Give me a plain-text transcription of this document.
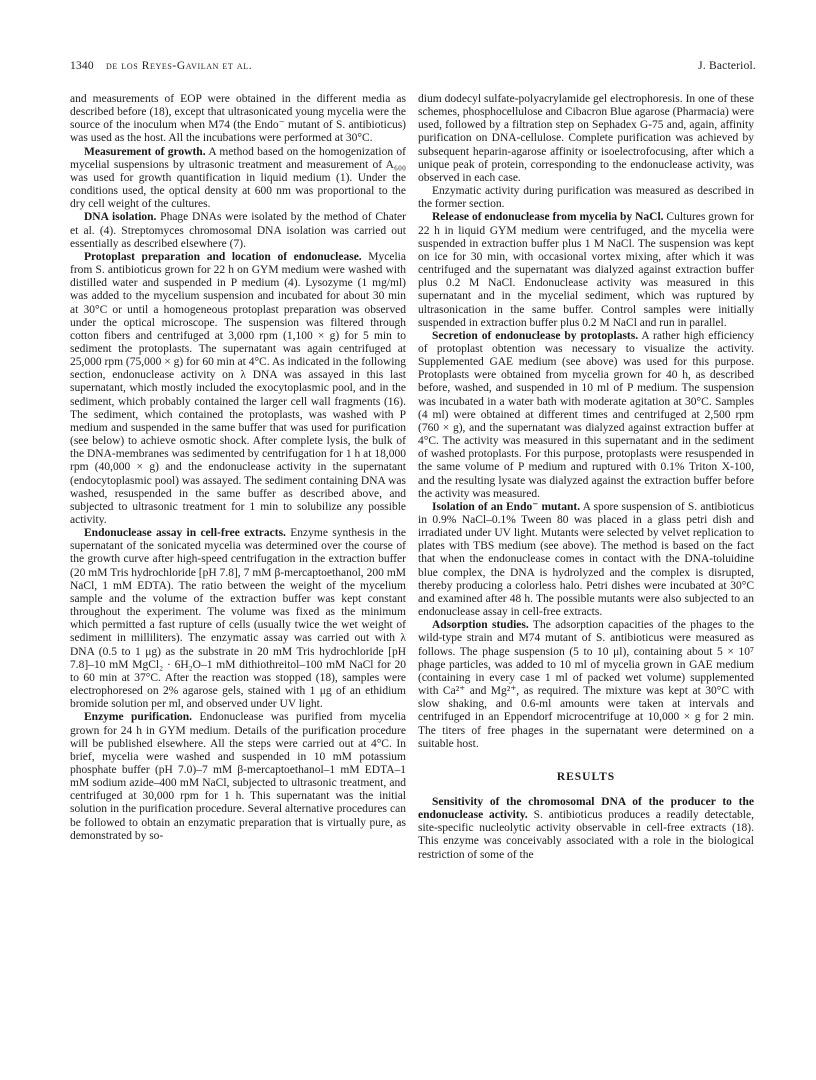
1340 de los Reyes-Gavilan et al.	J. Bacteriol.

and measurements of EOP were obtained in the different media as described before (18), except that ultrasonicated young mycelia were the source of the inoculum when M74 (the Endo⁻ mutant of S. antibioticus) was used as the host. All the incubations were performed at 30°C.

Measurement of growth. A method based on the homogenization of mycelial suspensions by ultrasonic treatment and measurement of A₆₀₀ was used for growth quantification in liquid medium (1). Under the conditions used, the optical density at 600 nm was proportional to the dry cell weight of the cultures.

DNA isolation. Phage DNAs were isolated by the method of Chater et al. (4). Streptomyces chromosomal DNA isolation was carried out essentially as described elsewhere (7).

Protoplast preparation and location of endonuclease. Mycelia from S. antibioticus grown for 22 h on GYM medium were washed with distilled water and suspended in P medium (4). Lysozyme (1 mg/ml) was added to the mycelium suspension and incubated for about 30 min at 30°C or until a homogeneous protoplast preparation was observed under the optical microscope. The suspension was filtered through cotton fibers and centrifuged at 3,000 rpm (1,100 × g) for 5 min to sediment the protoplasts. The supernatant was again centrifuged at 25,000 rpm (75,000 × g) for 60 min at 4°C. As indicated in the following section, endonuclease activity on λ DNA was assayed in this last supernatant, which mostly included the exocytoplasmic pool, and in the sediment, which probably contained the larger cell wall fragments (16). The sediment, which contained the protoplasts, was washed with P medium and suspended in the same buffer that was used for purification (see below) to achieve osmotic shock. After complete lysis, the bulk of the DNA-membranes was sedimented by centrifugation for 1 h at 18,000 rpm (40,000 × g) and the endonuclease activity in the supernatant (endocytoplasmic pool) was assayed. The sediment containing DNA was washed, resuspended in the same buffer as described above, and subjected to ultrasonic treatment for 1 min to solubilize any possible activity.

Endonuclease assay in cell-free extracts. Enzyme synthesis in the supernatant of the sonicated mycelia was determined over the course of the growth curve after high-speed centrifugation in the extraction buffer (20 mM Tris hydrochloride [pH 7.8], 7 mM β-mercaptoethanol, 200 mM NaCl, 1 mM EDTA). The ratio between the weight of the mycelium sample and the volume of the extraction buffer was kept constant throughout the experiment. The volume was fixed as the minimum which permitted a fast rupture of cells (usually twice the wet weight of sediment in milliliters). The enzymatic assay was carried out with λ DNA (0.5 to 1 μg) as the substrate in 20 mM Tris hydrochloride [pH 7.8]–10 mM MgCl₂ · 6H₂O–1 mM dithiothreitol–100 mM NaCl for 20 to 60 min at 37°C. After the reaction was stopped (18), samples were electrophoresed on 2% agarose gels, stained with 1 μg of an ethidium bromide solution per ml, and observed under UV light.

Enzyme purification. Endonuclease was purified from mycelia grown for 24 h in GYM medium. Details of the purification procedure will be published elsewhere. All the steps were carried out at 4°C. In brief, mycelia were washed and suspended in 10 mM potassium phosphate buffer (pH 7.0)–7 mM β-mercaptoethanol–1 mM EDTA–1 mM sodium azide–400 mM NaCl, subjected to ultrasonic treatment, and centrifuged at 30,000 rpm for 1 h. This supernatant was the initial solution in the purification procedure. Several alternative procedures can be followed to obtain an enzymatic preparation that is virtually pure, as demonstrated by so-

dium dodecyl sulfate-polyacrylamide gel electrophoresis. In one of these schemes, phosphocellulose and Cibacron Blue agarose (Pharmacia) were used, followed by a filtration step on Sephadex G-75 and, again, affinity purification on DNA-cellulose. Complete purification was achieved by subsequent heparin-agarose affinity or isoelectrofocusing, after which a unique peak of protein, corresponding to the endonuclease activity, was observed in each case.

Enzymatic activity during purification was measured as described in the former section.

Release of endonuclease from mycelia by NaCl. Cultures grown for 22 h in liquid GYM medium were centrifuged, and the mycelia were suspended in extraction buffer plus 1 M NaCl. The suspension was kept on ice for 30 min, with occasional vortex mixing, after which it was centrifuged and the supernatant was dialyzed against extraction buffer plus 0.2 M NaCl. Endonuclease activity was measured in this supernatant and in the mycelial sediment, which was ruptured by ultrasonication in the same buffer. Control samples were initially suspended in extraction buffer plus 0.2 M NaCl and run in parallel.

Secretion of endonuclease by protoplasts. A rather high efficiency of protoplast obtention was necessary to visualize the activity. Supplemented GAE medium (see above) was used for this purpose. Protoplasts were obtained from mycelia grown for 40 h, as described before, washed, and suspended in 10 ml of P medium. The suspension was incubated in a water bath with moderate agitation at 30°C. Samples (4 ml) were obtained at different times and centrifuged at 2,500 rpm (760 × g), and the supernatant was dialyzed against extraction buffer at 4°C. The activity was measured in this supernatant and in the sediment of washed protoplasts. For this purpose, protoplasts were resuspended in the same volume of P medium and ruptured with 0.1% Triton X-100, and the resulting lysate was dialyzed against the extraction buffer before the activity was measured.

Isolation of an Endo⁻ mutant. A spore suspension of S. antibioticus in 0.9% NaCl–0.1% Tween 80 was placed in a glass petri dish and irradiated under UV light. Mutants were selected by velvet replication to plates with TBS medium (see above). The method is based on the fact that when the endonuclease comes in contact with the DNA-toluidine blue complex, the DNA is hydrolyzed and the complex is disrupted, thereby producing a colorless halo. Petri dishes were incubated at 30°C and examined after 48 h. The possible mutants were also subjected to an endonuclease assay in cell-free extracts.

Adsorption studies. The adsorption capacities of the phages to the wild-type strain and M74 mutant of S. antibioticus were measured as follows. The phage suspension (5 to 10 μl), containing about 5 × 10⁷ phage particles, was added to 10 ml of mycelia grown in GAE medium (containing in every case 1 ml of packed wet volume) supplemented with Ca²⁺ and Mg²⁺, as required. The mixture was kept at 30°C with slow shaking, and 0.6-ml amounts were taken at intervals and centrifuged in an Eppendorf microcentrifuge at 10,000 × g for 2 min. The titers of free phages in the supernatant were determined on a suitable host.

RESULTS

Sensitivity of the chromosomal DNA of the producer to the endonuclease activity. S. antibioticus produces a readily detectable, site-specific nucleolytic activity observable in cell-free extracts (18). This enzyme was conceivably associated with a role in the biological restriction of some of the
